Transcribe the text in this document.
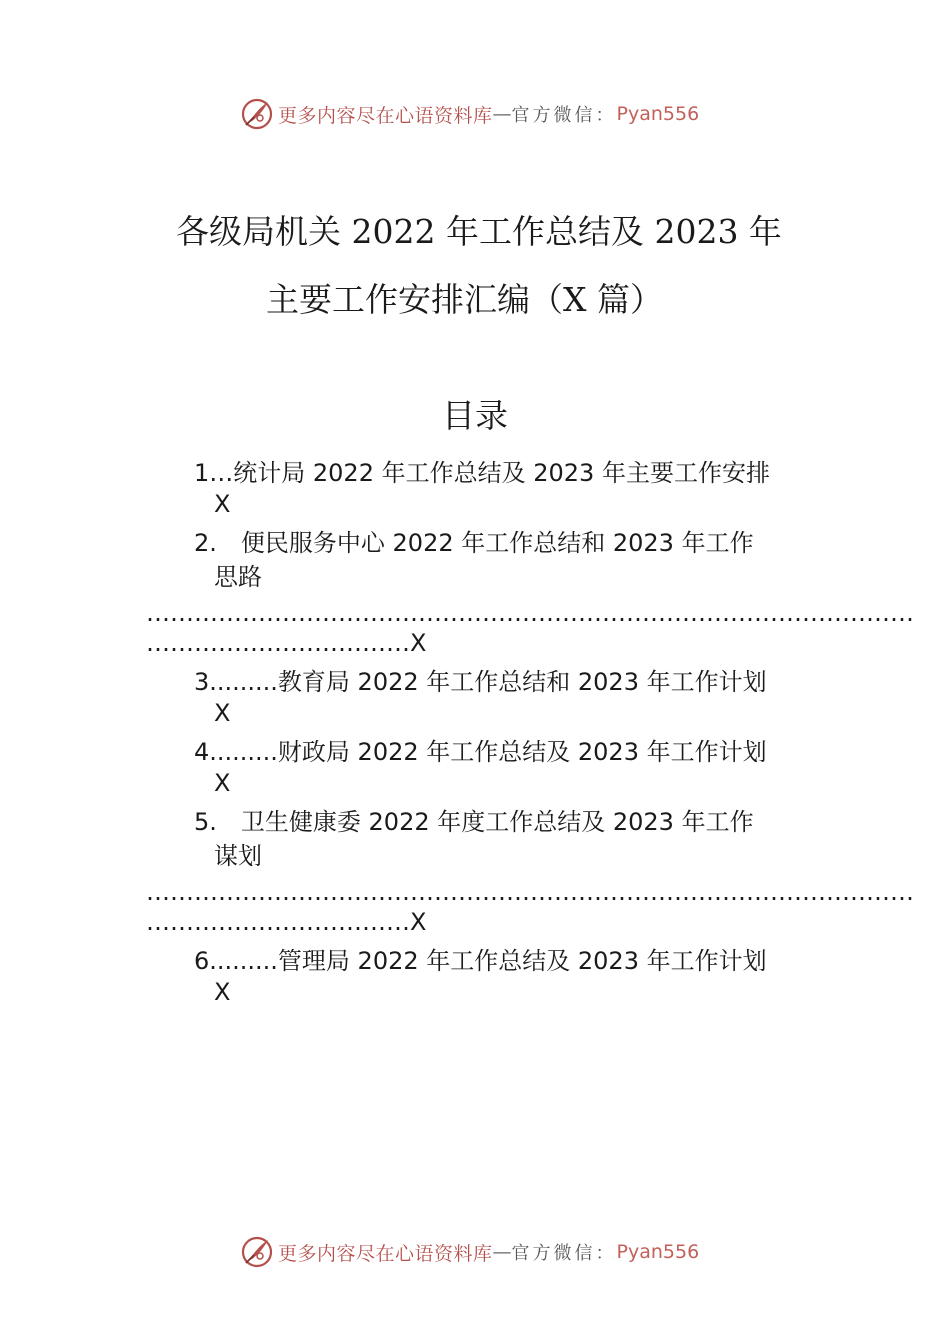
更多内容尽在心语资料库 — 官方微信： Pyan556
各级局机关 2022 年工作总结及 2023 年
主要工作安排汇编（X 篇）
目录
1…统计局 2022 年工作总结及 2023 年主要工作安排
X
2.　便民服务中心 2022 年工作总结和 2023 年工作
思路
……………………………………………………………………………………
……………………………X
3.........教育局 2022 年工作总结和 2023 年工作计划
X
4.........财政局 2022 年工作总结及 2023 年工作计划
X
5.　卫生健康委 2022 年度工作总结及 2023 年工作
谋划
……………………………………………………………………………………
……………………………X
6.........管理局 2022 年工作总结及 2023 年工作计划
X
更多内容尽在心语资料库 — 官方微信： Pyan556
